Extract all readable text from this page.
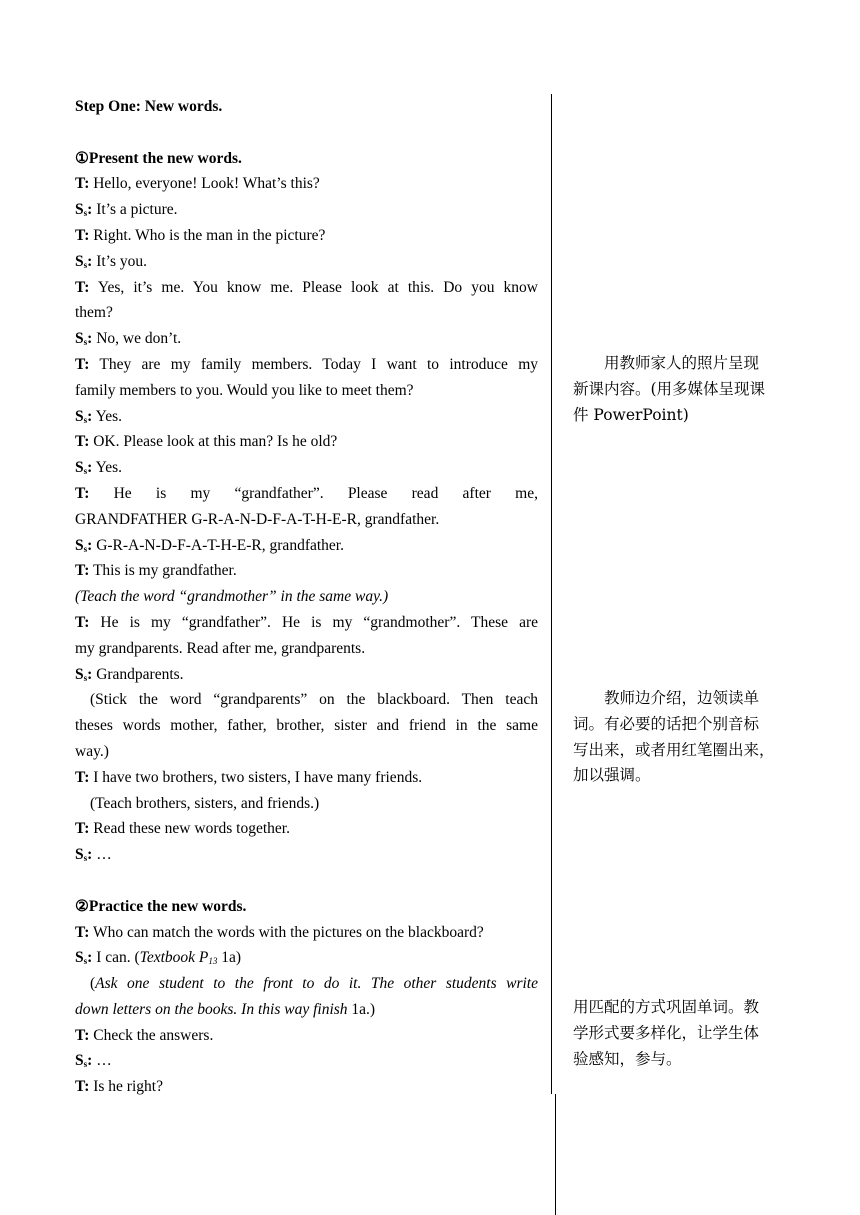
Step One: New words.
①Present the new words.
T: Hello, everyone! Look! What’s this?
$S_s$: It’s a picture.
T: Right. Who is the man in the picture?
$S_s$: It’s you.
T: Yes, it’s me. You know me. Please look at this. Do you know
them?
$S_s$: No, we don’t.
T: They are my family members. Today I want to introduce my
family members to you. Would you like to meet them?
$S_s$: Yes.
T: OK. Please look at this man? Is he old?
$S_s$: Yes.
T: He is my “grandfather”. Please read after me,
GRANDFATHER G-R-A-N-D-F-A-T-H-E-R, grandfather.
$S_s$: G-R-A-N-D-F-A-T-H-E-R, grandfather.
T: This is my grandfather.
(Teach the word “grandmother” in the same way.)
T: He is my “grandfather”. He is my “grandmother”. These are
my grandparents. Read after me, grandparents.
$S_s$: Grandparents.
(Stick the word “grandparents” on the blackboard. Then teach
theses words mother, father, brother, sister and friend in the same
way.)
T: I have two brothers, two sisters, I have many friends.
(Teach brothers, sisters, and friends.)
T: Read these new words together.
$S_s$: …
②Practice the new words.
T: Who can match the words with the pictures on the blackboard?
$S_s$: I can. (Textbook $P_{13}$ 1a)
(Ask one student to the front to do it. The other students write
down letters on the books. In this way finish 1a.)
T: Check the answers.
$S_s$: …
T: Is he right?
用教师家人的照片呈现
新课内容。(用多媒体呈现课
件 PowerPoint)
教师边介绍，边领读单
词。有必要的话把个别音标
写出来，或者用红笔圈出来，
加以强调。
用匹配的方式巩固单词。教
学形式要多样化，让学生体
验感知，参与。
